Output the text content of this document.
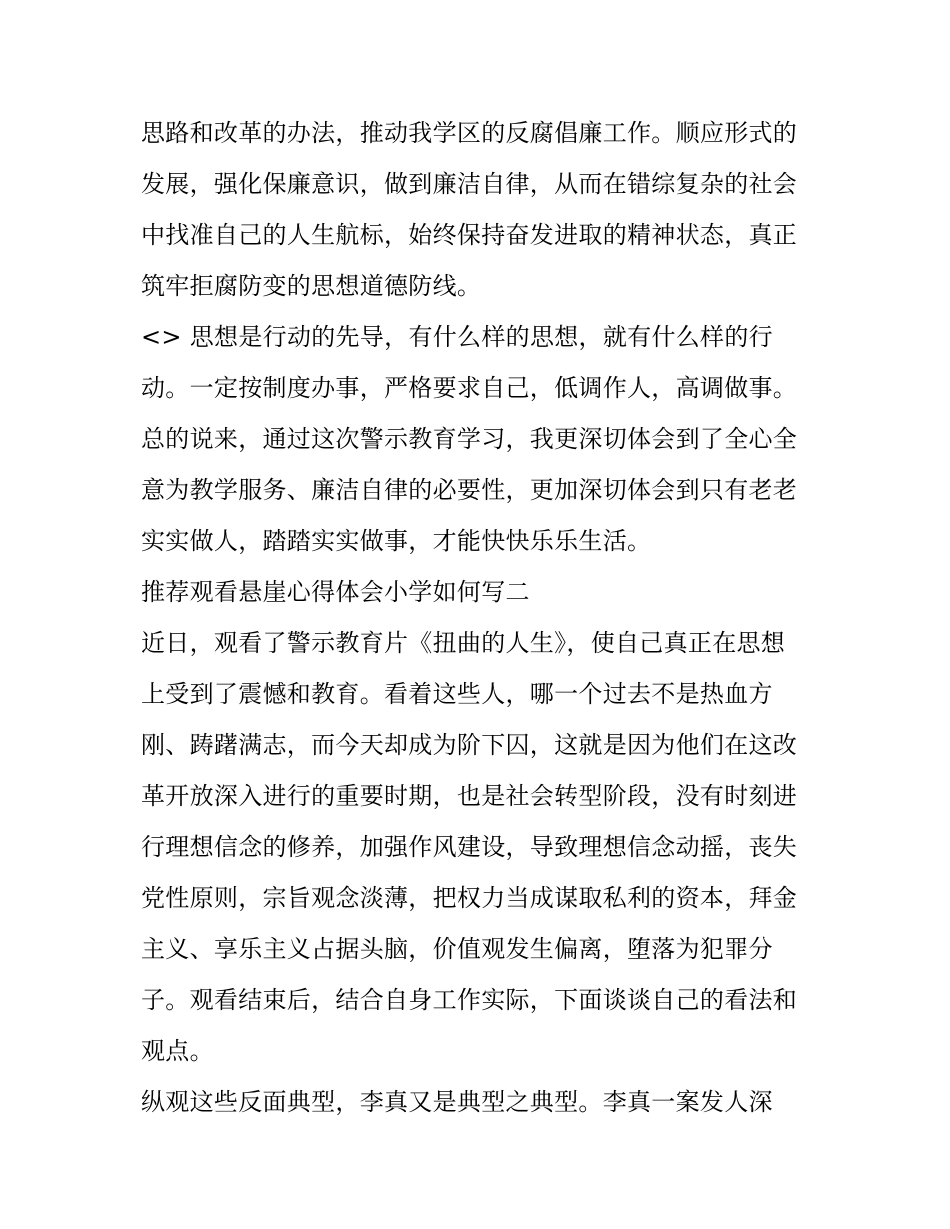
思路和改革的办法，推动我学区的反腐倡廉工作。顺应形式的
发展，强化保廉意识，做到廉洁自律，从而在错综复杂的社会
中找准自己的人生航标，始终保持奋发进取的精神状态，真正
筑牢拒腐防变的思想道德防线。
<> 思想是行动的先导，有什么样的思想，就有什么样的行
动。一定按制度办事，严格要求自己，低调作人，高调做事。
总的说来，通过这次警示教育学习，我更深切体会到了全心全
意为教学服务、廉洁自律的必要性，更加深切体会到只有老老
实实做人，踏踏实实做事，才能快快乐乐生活。
推荐观看悬崖心得体会小学如何写二
近日，观看了警示教育片《扭曲的人生》，使自己真正在思想
上受到了震憾和教育。看着这些人，哪一个过去不是热血方
刚、踌躇满志，而今天却成为阶下囚，这就是因为他们在这改
革开放深入进行的重要时期，也是社会转型阶段，没有时刻进
行理想信念的修养，加强作风建设，导致理想信念动摇，丧失
党性原则，宗旨观念淡薄，把权力当成谋取私利的资本，拜金
主义、享乐主义占据头脑，价值观发生偏离，堕落为犯罪分
子。观看结束后，结合自身工作实际，下面谈谈自己的看法和
观点。
纵观这些反面典型，李真又是典型之典型。李真一案发人深
